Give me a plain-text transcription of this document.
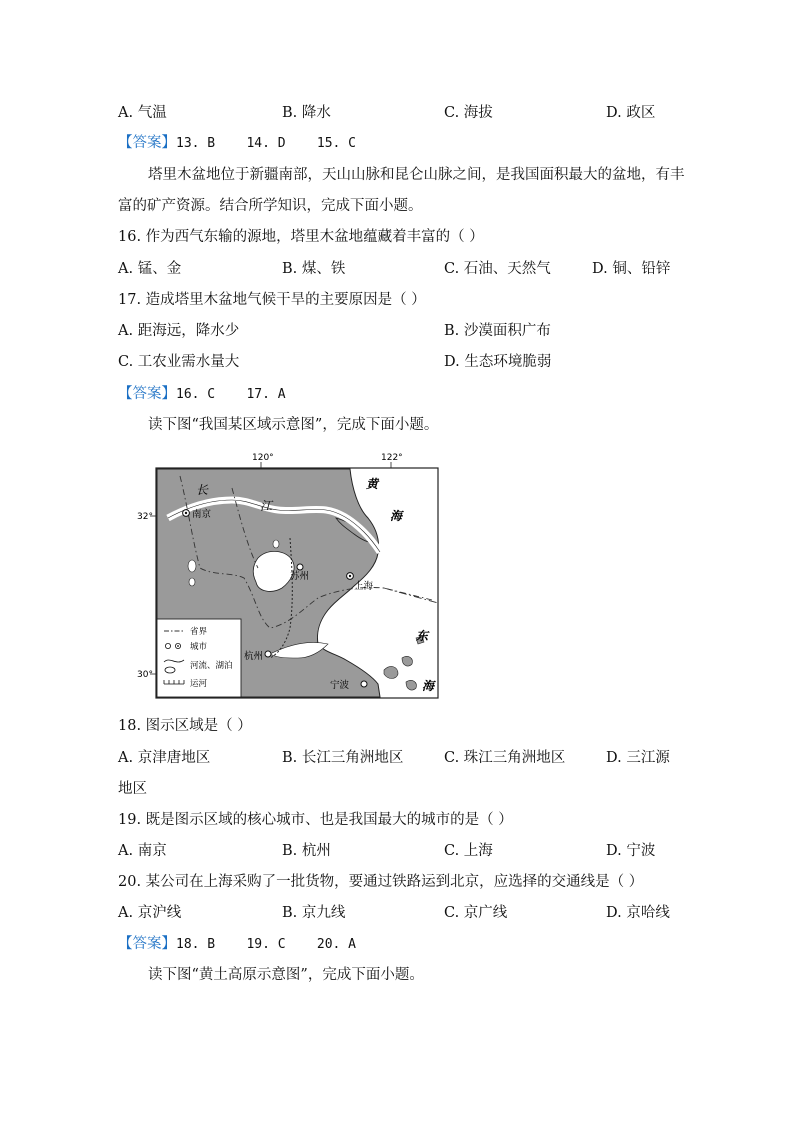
A. 气温	B. 降水	C. 海拔	D. 政区
【答案】13. B    14. D    15. C
塔里木盆地位于新疆南部，天山山脉和昆仑山脉之间，是我国面积最大的盆地，有丰
富的矿产资源。结合所学知识，完成下面小题。
16. 作为西气东输的源地，塔里木盆地蕴藏着丰富的（ ）
A. 锰、金	B. 煤、铁	C. 石油、天然气	D. 铜、铅锌
17. 造成塔里木盆地气候干旱的主要原因是（ ）
A. 距海远，降水少	B. 沙漠面积广布
C. 工农业需水量大	D. 生态环境脆弱
【答案】16. C    17. A
读下图“我国某区域示意图”，完成下面小题。
120°	122°
32°
30°
长
江
黄
海
东
海
南京
苏州
上海
杭州
宁波
省界
城市
河流、湖泊
运河
18. 图示区域是（ ）
A. 京津唐地区	B. 长江三角洲地区	C. 珠江三角洲地区	D. 三江源
地区
19. 既是图示区域的核心城市、也是我国最大的城市的是（ ）
A. 南京	B. 杭州	C. 上海	D. 宁波
20. 某公司在上海采购了一批货物，要通过铁路运到北京，应选择的交通线是（ ）
A. 京沪线	B. 京九线	C. 京广线	D. 京哈线
【答案】18. B    19. C    20. A
读下图“黄土高原示意图”，完成下面小题。
